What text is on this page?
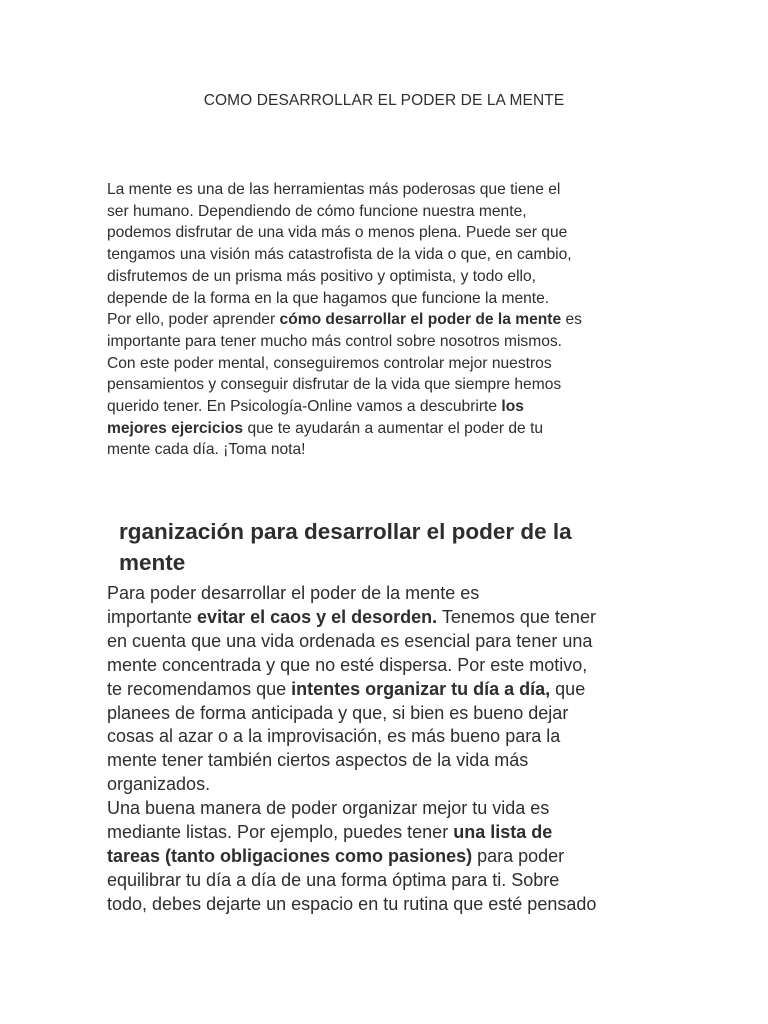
COMO DESARROLLAR EL PODER DE LA MENTE
La mente es una de las herramientas más poderosas que tiene el
ser humano. Dependiendo de cómo funcione nuestra mente,
podemos disfrutar de una vida más o menos plena. Puede ser que
tengamos una visión más catastrofista de la vida o que, en cambio,
disfrutemos de un prisma más positivo y optimista, y todo ello,
depende de la forma en la que hagamos que funcione la mente.
Por ello, poder aprender cómo desarrollar el poder de la mente es
importante para tener mucho más control sobre nosotros mismos.
Con este poder mental, conseguiremos controlar mejor nuestros
pensamientos y conseguir disfrutar de la vida que siempre hemos
querido tener. En Psicología-Online vamos a descubrirte los
mejores ejercicios que te ayudarán a aumentar el poder de tu
mente cada día. ¡Toma nota!
rganización para desarrollar el poder de la
mente
Para poder desarrollar el poder de la mente es
importante evitar el caos y el desorden. Tenemos que tener
en cuenta que una vida ordenada es esencial para tener una
mente concentrada y que no esté dispersa. Por este motivo,
te recomendamos que intentes organizar tu día a día, que
planees de forma anticipada y que, si bien es bueno dejar
cosas al azar o a la improvisación, es más bueno para la
mente tener también ciertos aspectos de la vida más
organizados.
Una buena manera de poder organizar mejor tu vida es
mediante listas. Por ejemplo, puedes tener una lista de
tareas (tanto obligaciones como pasiones) para poder
equilibrar tu día a día de una forma óptima para ti. Sobre
todo, debes dejarte un espacio en tu rutina que esté pensado
